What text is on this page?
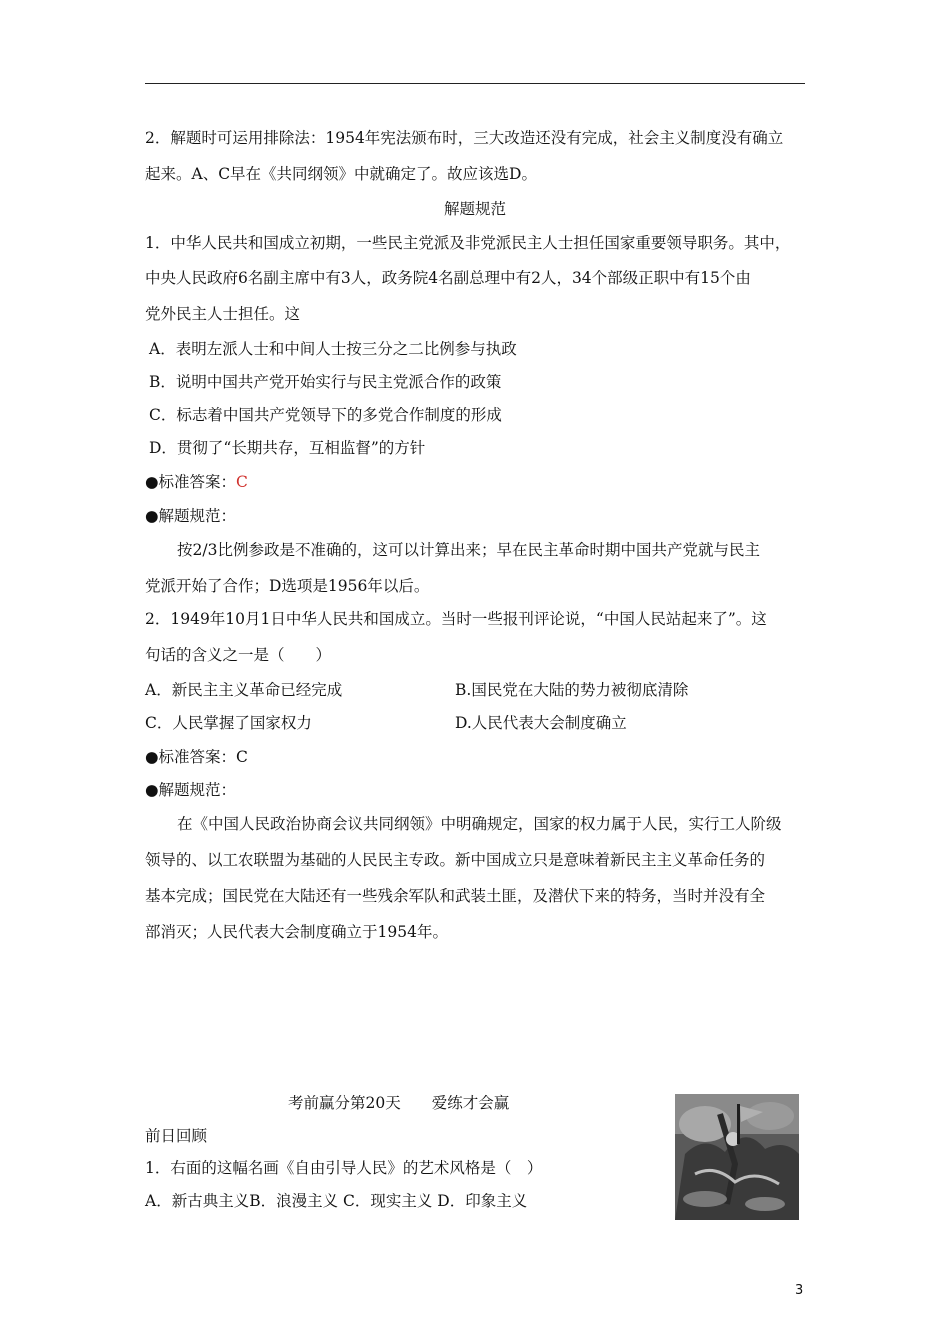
2．解题时可运用排除法：1954年宪法颁布时，三大改造还没有完成，社会主义制度没有确立
起来。A、C早在《共同纲领》中就确定了。故应该选D。
解题规范
1．中华人民共和国成立初期，一些民主党派及非党派民主人士担任国家重要领导职务。其中，
中央人民政府6名副主席中有3人，政务院4名副总理中有2人，34个部级正职中有15个由
党外民主人士担任。这
A．表明左派人士和中间人士按三分之二比例参与执政
B．说明中国共产党开始实行与民主党派合作的政策
C．标志着中国共产党领导下的多党合作制度的形成
D．贯彻了“长期共存，互相监督”的方针
●标准答案：C
●解题规范：
按2/3比例参政是不准确的，这可以计算出来；早在民主革命时期中国共产党就与民主
党派开始了合作；D选项是1956年以后。
2．1949年10月1日中华人民共和国成立。当时一些报刊评论说，“中国人民站起来了”。这
句话的含义之一是（　　）
A．新民主主义革命已经完成	B.国民党在大陆的势力被彻底清除
C．人民掌握了国家权力	D.人民代表大会制度确立
●标准答案：C
●解题规范：
在《中国人民政治协商会议共同纲领》中明确规定，国家的权力属于人民，实行工人阶级
领导的、以工农联盟为基础的人民民主专政。新中国成立只是意味着新民主主义革命任务的
基本完成；国民党在大陆还有一些残余军队和武装土匪，及潜伏下来的特务，当时并没有全
部消灭；人民代表大会制度确立于1954年。
考前赢分第20天　　爱练才会赢
前日回顾
1．右面的这幅名画《自由引导人民》的艺术风格是（　）
A．新古典主义B．浪漫主义 C．现实主义 D．印象主义
3
